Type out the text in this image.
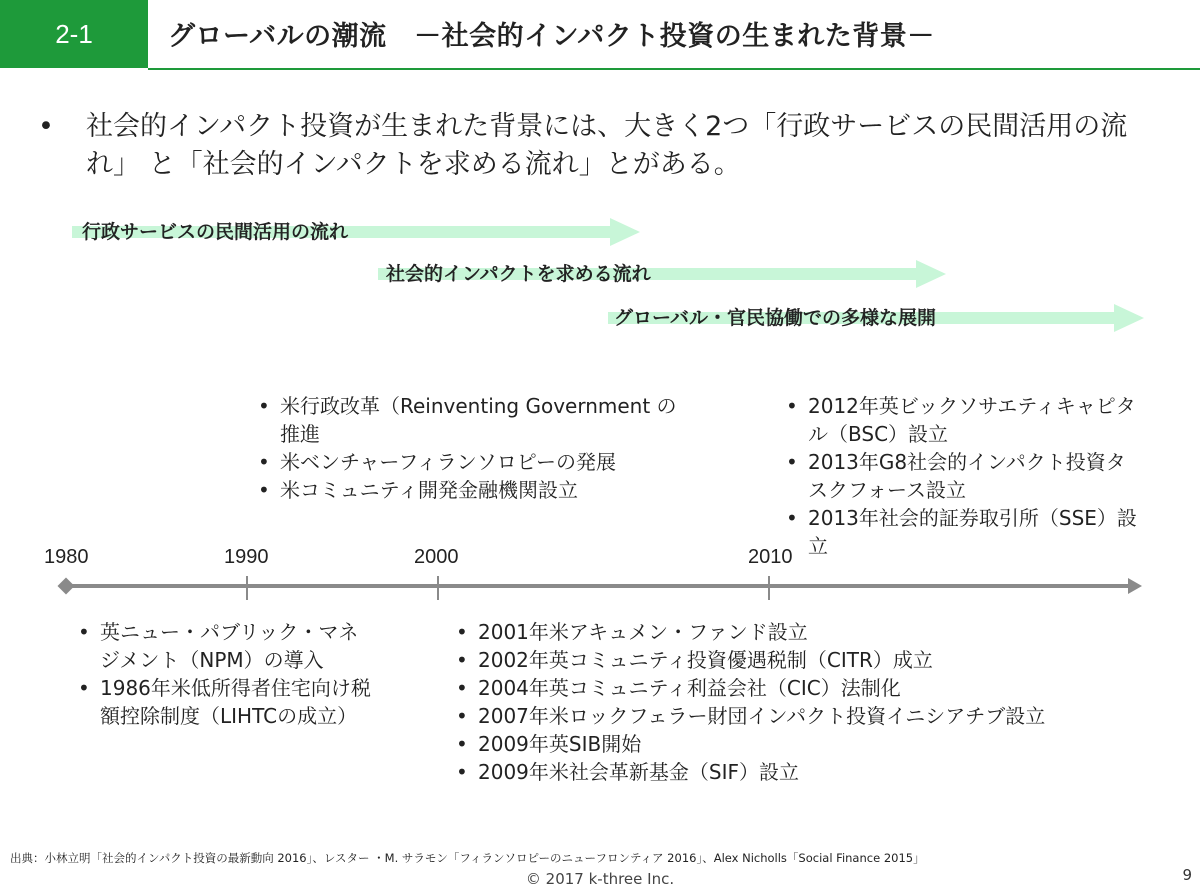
2-1	グローバルの潮流　－社会的インパクト投資の生まれた背景－
•	社会的インパクト投資が生まれた背景には、大きく2つ「行政サービスの民間活用の流れ」 と「社会的インパクトを求める流れ」とがある。
行政サービスの民間活用の流れ
社会的インパクトを求める流れ
グローバル・官民協働での多様な展開
• 米行政改革（Reinventing Government の推進
• 米ベンチャーフィランソロピーの発展
• 米コミュニティ開発金融機関設立
• 2012年英ビックソサエティキャピタル（BSC）設立
• 2013年G8社会的インパクト投資タスクフォース設立
• 2013年社会的証券取引所（SSE）設立
1980	1990	2000	2010
• 英ニュー・パブリック・マネジメント（NPM）の導入
• 1986年米低所得者住宅向け税額控除制度（LIHTCの成立）
• 2001年米アキュメン・ファンド設立
• 2002年英コミュニティ投資優遇税制（CITR）成立
• 2004年英コミュニティ利益会社（CIC）法制化
• 2007年米ロックフェラー財団インパクト投資イニシアチブ設立
• 2009年英SIB開始
• 2009年米社会革新基金（SIF）設立
出典：小林立明「社会的インパクト投資の最新動向 2016」、レスター ・M. サラモン「フィランソロピーのニューフロンティア 2016」、Alex Nicholls「Social Finance 2015」
© 2017 k-three Inc.	9
